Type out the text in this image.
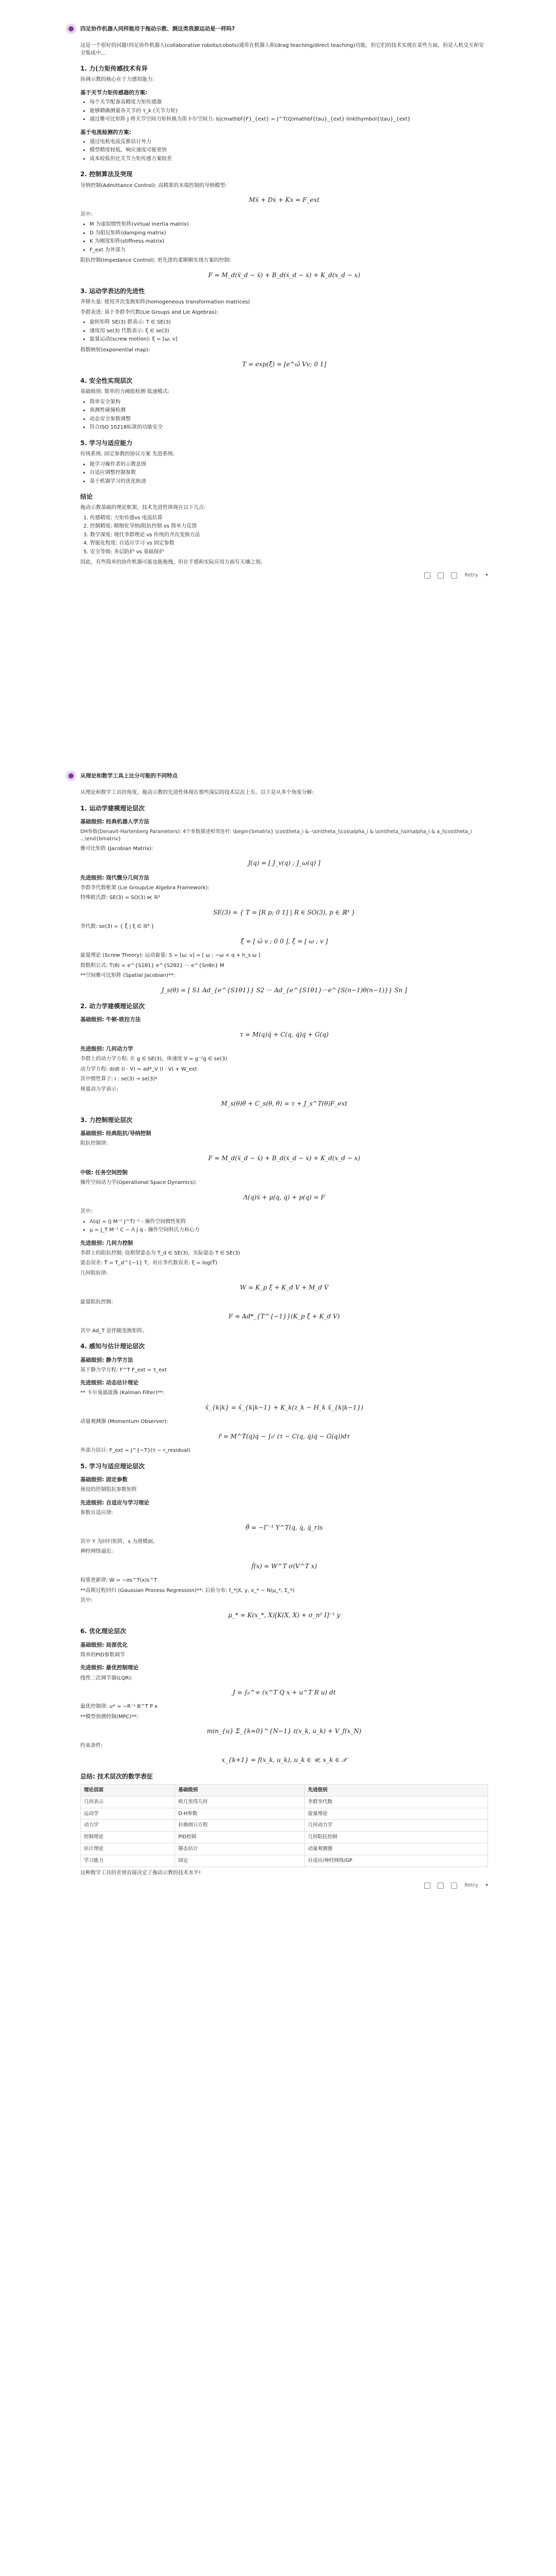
四足协作机器人同样能用于拖动示教、测这类我源运动是一样吗?

这是一个很好的问题!四足协作机器人(collaborative robots/cobots)通常在机器人和(drag teaching/direct teaching)功能，但它们的技术实现在某些方面，但是人机交互和安全集成中...

1. 力(力矩传感技术有异

协调示教的核心在于力感知能力:

基于关节力矩传感器的方案:
• 每个关节配备高精度力矩传感器
• 能够精确测量各关节的 τ_k (关节力矩)
• 通过雅可比矩阵 J 将关节空间力矩转换为笛卡尔空间力: b|cmathbf{F}_{ext} = J^T(Q)mathbf{tau}_{ext}·linkthymbol{\tau}_{ext}
基于电流检测的方案:
• 通过电机电流反推估计外力
• 模型精度较低，响应速度可能更快
• 成本较低但比关节力矩传感方案较差
2. 控制算法及突现

导纳控制(Admittance Control): 高精准的末端控制的导纳模型:

Mẍ + Dẋ + Kx = F_ext

其中:

• M 为虚拟惯性矩阵(virtual inertia matrix)
• D 为阻尼矩阵(damping matrix)
• K 为刚度矩阵(stiffness matrix)
• F_ext 为外部力

阻抗控制(Impedance Control): 更先进的柔顺顺实现方案的控制:

F = M_d(ẍ_d − ẍ) + B_d(ẋ_d − ẋ) + K_d(x_d − x)
3. 运动学表达的先进性

齐移矢量: 使用齐次变换矩阵(homogeneous transformation matrices)

李群表述: 基于李群李代数(Lie Groups and Lie Algebras):

• 旋转矩阵 SE(3) 群表示: T ∈ SE(3)
• 速度用 se(3) 代数表示: ξ ∈ se(3)
• 旋量运动(screw motion): ξ = [ω; v]

指数映射(exponential map):

T = exp(ξ̂) = [e^ω̂ Vv; 0 1]
4. 安全性实现层次

基础级别: 简单的力阈值检测 低速模式:

• 简单安全架构
• 预测性碰撞检测
• 动态安全参数调整
• 符合ISO 10218标准的功能安全
5. 学习与适应能力

传统系统: 固定参数的协议方案 先进系统:

• 能学习操作者的示教意图
• 自适应调整控制参数
• 基于机器学习的优化轨迹
结论

拖动示教基础的理论框架，技术先进性体现在以下几点:

1. 传感精度: 力矩传感vs 电流估算
2. 控制精度: 精细化导纳/阻抗控制 vs 简单力反馈
3. 数学深度: 现代李群理论 vs 传统的齐次变换方法
4. 智能化程度: 自适应学习 vs 固定参数
5. 安全等级: 多层防护 vs 基础保护

因此，有些简单的协作机器可能也能拖拽，但在手感和实际应用方面有天壤之别。

Retry ▾
从理论和数学工具上比分可能的不同特点

从理论和数学工具的角度，拖动示教的先进性体现在那些深层的技术层次上有。以下是从多个角度分解:

1. 运动学建模理论层次
基础级别: 经典机器人学方法

DH参数(Denavit-Hartenberg Parameters): 4个参数描述相邻连杆: \begin{bmatrix} \cos\theta_i & -\sin\theta_i\cos\alpha_i & \sin\theta_i\sin\alpha_i & a_i\cos\theta_i ...\end{bmatrix}

雅可比矩阵 (Jacobian Matrix):

J(q) = [ J_v(q) ; J_ω(q) ]
先进级别: 现代微分几何方法

李群李代数框架 (Lie Group/Lie Algebra Framework):

特殊欧氏群: SE(3) = SO(3) ⋉ ℝ³

SE(3) = { T = [R p; 0 1] | R ∈ SO(3), p ∈ ℝ³ }

李代数: se(3) = { ξ̂ | ξ ∈ ℝ⁶ }

ξ̂ = [ ω̂ v ; 0 0 ], ξ = [ ω ; v ]

旋量理论 (Screw Theory): 运动旋量: S = [ω; v] = [ ω ; −ω × q + h_s ω ]

指数积公式: T(θ) = e^{S1θ1} e^{S2θ2} ··· e^{Snθn} M

**空间雅可比矩阵 (Spatial Jacobian)**:

J_s(θ) = [ S1 Ad_{e^{S1θ1}} S2 ··· Ad_{e^{S1θ1}···e^{S(n−1)θ(n−1)}} Sn ]
2. 动力学建模理论层次
基础级别: 牛顿-欧拉方法
τ = M(q)q̈ + C(q, q̇)q̇ + G(q)
先进级别: 几何动力学

李群上的动力学方程: 在 g ∈ SE(3)，体速度 V = g⁻¹ġ ∈ se(3)

动力学方程: d/dt (I · V) = ad*_V (I · V) + W_ext

其中惯性算子: I : se(3) → se(3)*

规量动力学表示:

M_s(θ)θ̈ + C_s(θ, θ̇) = τ + J_s^T(θ)F_ext
3. 力控制理论层次
基础级别: 经典阻抗/导纳控制

阻抗控制律:

F = M_d(ẍ_d − ẍ) + B_d(ẋ_d − ẋ) + K_d(x_d − x)
中级: 任务空间控制

操作空间动力学(Operational Space Dynamics):

Λ(q)ẍ + μ(q, q̇) + p(q) = F

其中:

• Λ(q) = (J M⁻¹ J^T)⁻¹ - 操作空间惯性矩阵
• μ = J_T M⁻¹ C − Λ J̇ q̇ - 操作空间科氏力和心力
先进级别: 几何力控制

李群上的阻抗控制: 设期望姿态为 T_d ∈ SE(3)，实际姿态 T ∈ SE(3)

姿态误差: T̃ = T_d^{−1} T，对应李代数误差: ξ = log(T̃)

几何阻抗律:

W = K_p ξ + K_d V + M_d V̇

旋量阻抗控制:

F = Ad*_{T^{−1}}(K_p ξ + K_d V)

其中 Ad_T 是伴随变换矩阵。

4. 感知与估计理论层次
基础级别: 静力学方法

基于静力学方程: F^T F_ext = τ_ext

先进级别: 动态估计理论

** 卡尔曼滤波器 (Kalman Filter)**:

x̂_{k|k} = x̂_{k|k−1} + K_k(z_k − H_k x̂_{k|k−1})

动量观测器 (Momentum Observer):

r̂ = M^T(q)q̇ − ∫₀ᵗ (τ − C(q, q̇)q̇ − G(q))dτ

外部力估计: F_ext = J^{−T}(τ − r_residual)

5. 学习与适应理论层次
基础级别: 固定参数

预设的控制阻抗参数矩阵

先进级别: 自适应与学习理论

参数自适应律:

θ̂̇ = −Γ⁻¹ Y^T(q, q̇, q̈_r)s

其中 Y 为回归矩阵，s 为滑模面。

神经网络逼近:

f̂(x) = W^T σ(V^T x)

权重更新律: Ẇ = −σs^T(x)s^T

**高斯过程回归 (Gaussian Process Regression)**: 后验分布: f_*|X, y, x_* ~ N(μ_*, Σ_*)

其中:

μ_* = K(x_*, X)[K(X, X) + σ_n² I]⁻¹ y
6. 优化理论层次
基础级别: 局部优化

简单的PID参数调节

先进级别: 最优控制理论

线性二次调节器(LQR):

J = ∫₀^∞ (x^T Q x + u^T R u) dt

最优控制律: u* = −R⁻¹ B^T P x

**模型预测控制(MPC)**:

min_{u} Σ_{k=0}^{N−1} ℓ(x_k, u_k) + V_f(x_N)

约束条件:

x_{k+1} = f(x_k, u_k), u_k ∈ 𝒰, x_k ∈ 𝒳
总结: 技术层次的数学表征
理论层面	基础级别	先进级别
几何表示	欧几里得几何	李群李代数
运动学	D-H参数	旋量理论
动力学	拉格朗日方程	几何动力学
控制理论	PID控制	几何阻抗控制
估计理论	静态估计	动量观测器
学习能力	固定	自适应/神经网络/GP

这种数学工具的差别直接决定了拖动示教的技术水平!

Retry ▾
